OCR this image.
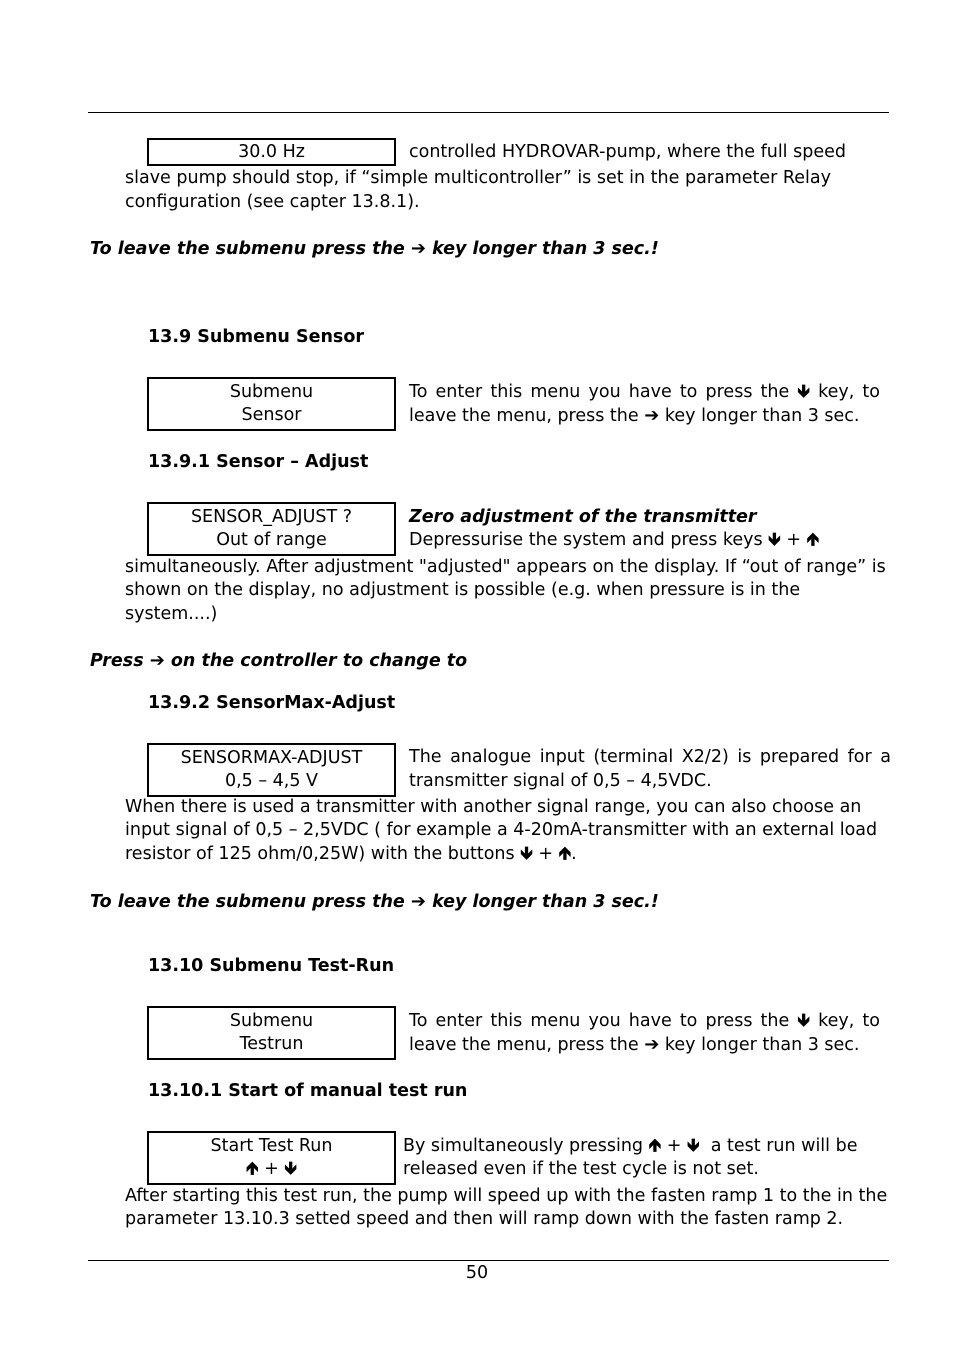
30.0 Hz	controlled HYDROVAR-pump, where the full speed
slave pump should stop, if “simple multicontroller” is set in the parameter Relay
configuration (see capter 13.8.1).
To leave the submenu press the ➔ key longer than 3 sec.!
13.9 Submenu Sensor
Submenu
Sensor
To enter this menu you have to press the 🡻 key, to
leave the menu, press the ➔ key longer than 3 sec.
13.9.1 Sensor – Adjust
SENSOR_ADJUST ?
Out of range
Zero adjustment of the transmitter
Depressurise the system and press keys 🡻 + 🡹
simultaneously. After adjustment "adjusted" appears on the display. If “out of range” is
shown on the display, no adjustment is possible (e.g. when pressure is in the
system....)
Press ➔ on the controller to change to
13.9.2 SensorMax-Adjust
SENSORMAX-ADJUST
0,5 – 4,5 V
The analogue input (terminal X2/2) is prepared for a
transmitter signal of 0,5 – 4,5VDC.
When there is used a transmitter with another signal range, you can also choose an
input signal of 0,5 – 2,5VDC ( for example a 4-20mA-transmitter with an external load
resistor of 125 ohm/0,25W) with the buttons 🡻 + 🡹.
To leave the submenu press the ➔ key longer than 3 sec.!
13.10 Submenu Test-Run
Submenu
Testrun
To enter this menu you have to press the 🡻 key, to
leave the menu, press the ➔ key longer than 3 sec.
13.10.1 Start of manual test run
Start Test Run
🡹 + 🡻
By simultaneously pressing 🡹 + 🡻 a test run will be
released even if the test cycle is not set.
After starting this test run, the pump will speed up with the fasten ramp 1 to the in the
parameter 13.10.3 setted speed and then will ramp down with the fasten ramp 2.
50
